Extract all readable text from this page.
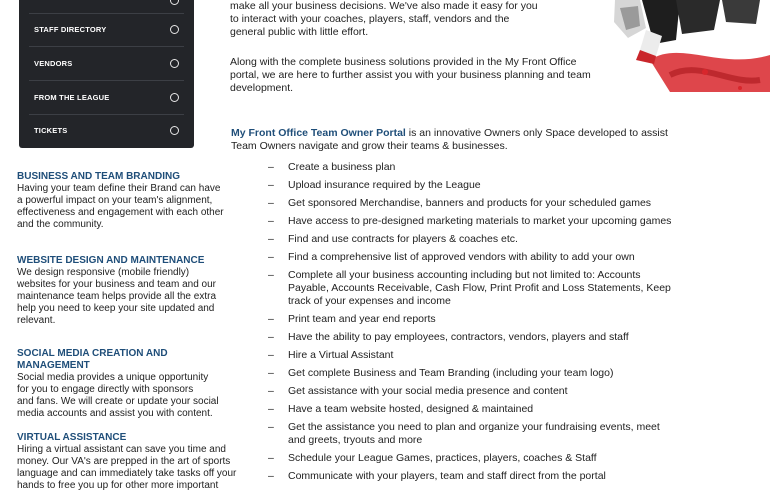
STAFF DIRECTORY
VENDORS
FROM THE LEAGUE
TICKETS
BUSINESS AND TEAM BRANDING

Having your team define their Brand can have

a powerful impact on your team's alignment,

effectiveness and engagement with each other

and the community.

WEBSITE DESIGN AND MAINTENANCE

We design responsive (mobile friendly)

websites for your business and team and our

maintenance team helps provide all the extra

help you need to keep your site updated and

relevant.

SOCIAL MEDIA CREATION AND MANAGEMENT

Social media provides a unique opportunity

for you to engage directly with sponsors

and fans. We will create or update your social

media accounts and assist you with content.

VIRTUAL ASSISTANCE

Hiring a virtual assistant can save you time and

money. Our VA's are prepped in the art of sports

language and can immediately take tasks off your

hands to free you up for other more important

make all your business decisions. We've also made it easy for you
to interact with your coaches, players, staff, vendors and the
general public with little effort.
Along with the complete business solutions provided in the My Front Office
portal, we are here to further assist you with your business planning and team
development.
My Front Office Team Owner Portal is an innovative Owners only Space developed to assist
Team Owners navigate and grow their teams & businesses.
– Create a business plan
– Upload insurance required by the League
– Get sponsored Merchandise, banners and products for your scheduled games
– Have access to pre-designed marketing materials to market your upcoming games
– Find and use contracts for players & coaches etc.
– Find a comprehensive list of approved vendors with ability to add your own
– Complete all your business accounting including but not limited to: Accounts
Payable, Accounts Receivable, Cash Flow, Print Profit and Loss Statements, Keep
track of your expenses and income
– Print team and year end reports
– Have the ability to pay employees, contractors, vendors, players and staff
– Hire a Virtual Assistant
– Get complete Business and Team Branding (including your team logo)
– Get assistance with your social media presence and content
– Have a team website hosted, designed & maintained
– Get the assistance you need to plan and organize your fundraising events, meet
and greets, tryouts and more
– Schedule your League Games, practices, players, coaches & Staff
– Communicate with your players, team and staff direct from the portal
